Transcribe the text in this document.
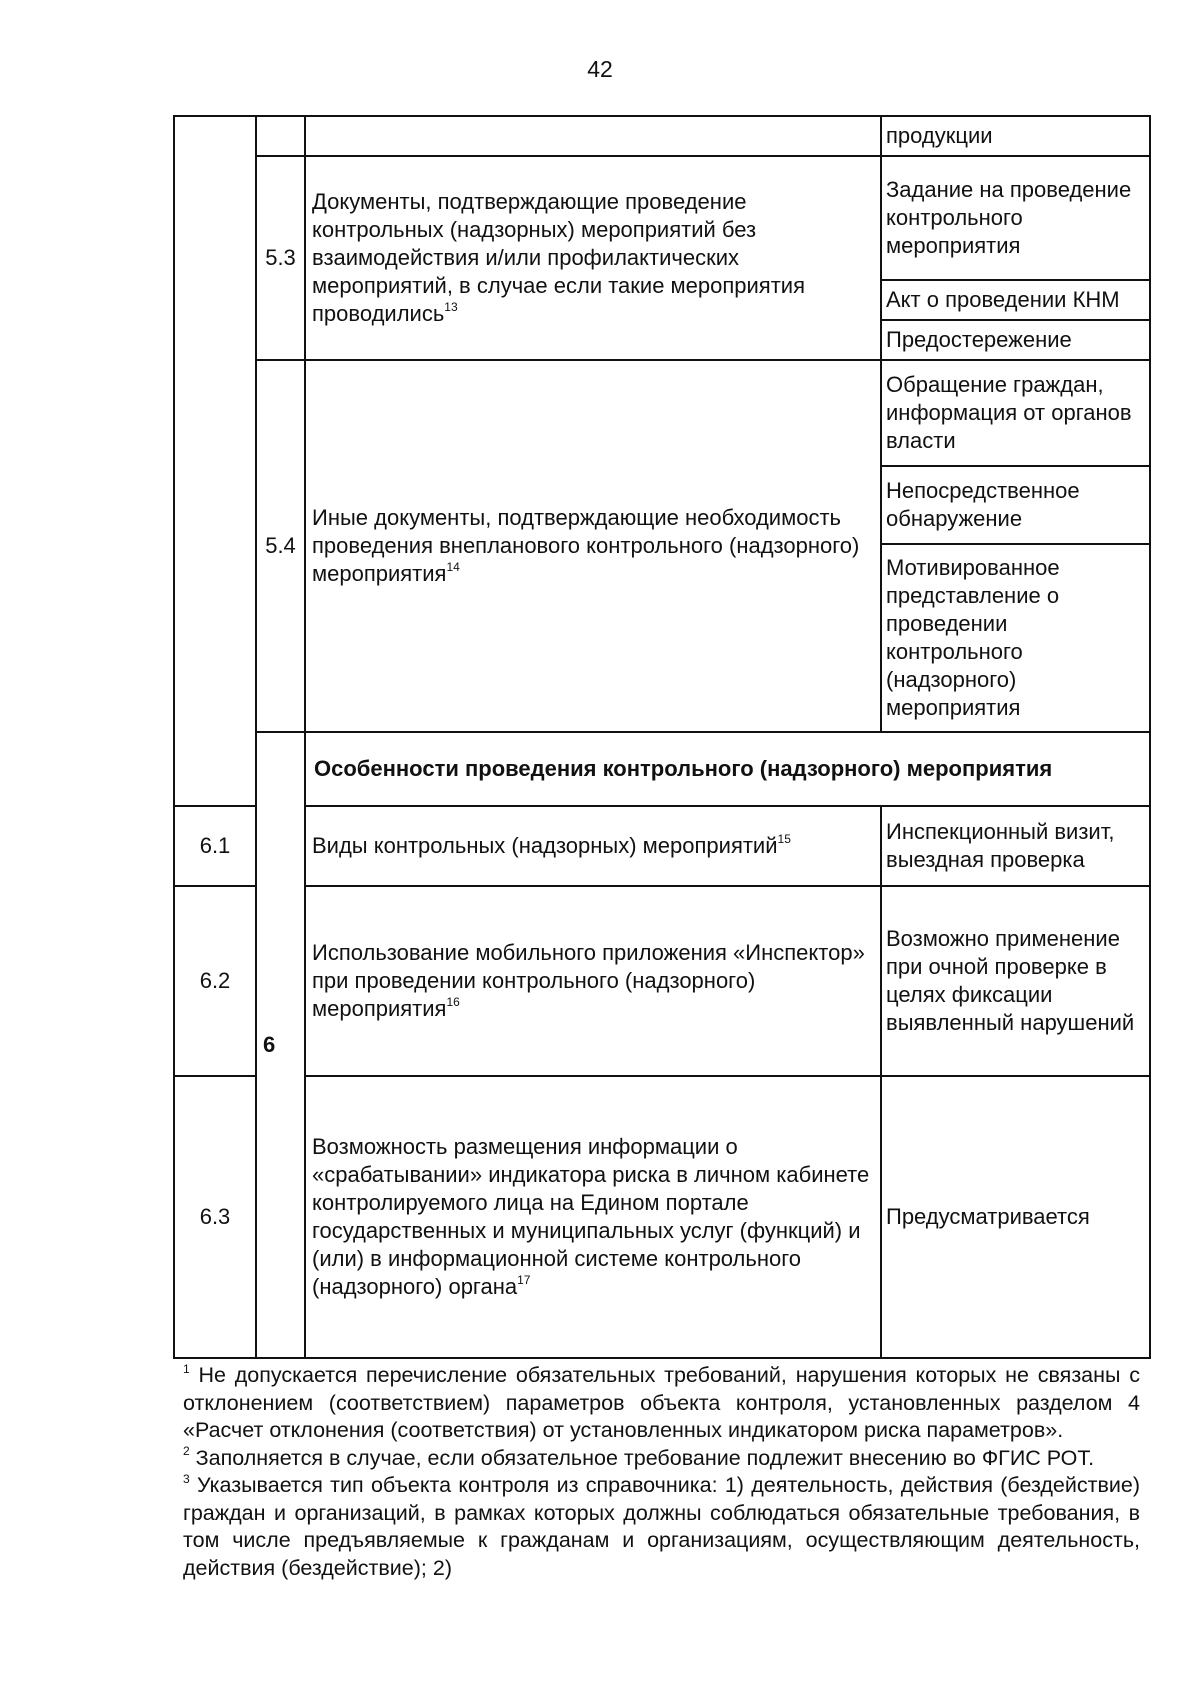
42
			продукции
	5.3	Документы, подтверждающие проведение контрольных (надзорных) мероприятий без взаимодействия и/или профилактических мероприятий, в случае если такие мероприятия проводились$^{13}$	Задание на проведение контрольного мероприятия
			Акт о проведении КНМ
			Предостережение
	5.4	Иные документы, подтверждающие необходимость проведения внепланового контрольного (надзорного) мероприятия$^{14}$	Обращение граждан, информация от органов власти
			Непосредственное обнаружение
			Мотивированное представление о проведении контрольного (надзорного) мероприятия
	6	Особенности проведения контрольного (надзорного) мероприятия	
6.1		Виды контрольных (надзорных) мероприятий$^{15}$	Инспекционный визит, выездная проверка
6.2		Использование мобильного приложения «Инспектор» при проведении контрольного (надзорного) мероприятия$^{16}$	Возможно применение при очной проверке в целях фиксации выявленный нарушений
6.3		Возможность размещения информации о «срабатывании» индикатора риска в личном кабинете контролируемого лица на Едином портале государственных и муниципальных услуг (функций) и (или) в информационной системе контрольного (надзорного) органа$^{17}$	Предусматривается

$^1$ Не допускается перечисление обязательных требований, нарушения которых не связаны с отклонением (соответствием) параметров объекта контроля, установленных разделом 4 «Расчет отклонения (соответствия) от установленных индикатором риска параметров».

$^2$ Заполняется в случае, если обязательное требование подлежит внесению во ФГИС РОТ.

$^3$ Указывается тип объекта контроля из справочника: 1) деятельность, действия (бездействие) граждан и организаций, в рамках которых должны соблюдаться обязательные требования, в том числе предъявляемые к гражданам и организациям, осуществляющим деятельность, действия (бездействие); 2)
